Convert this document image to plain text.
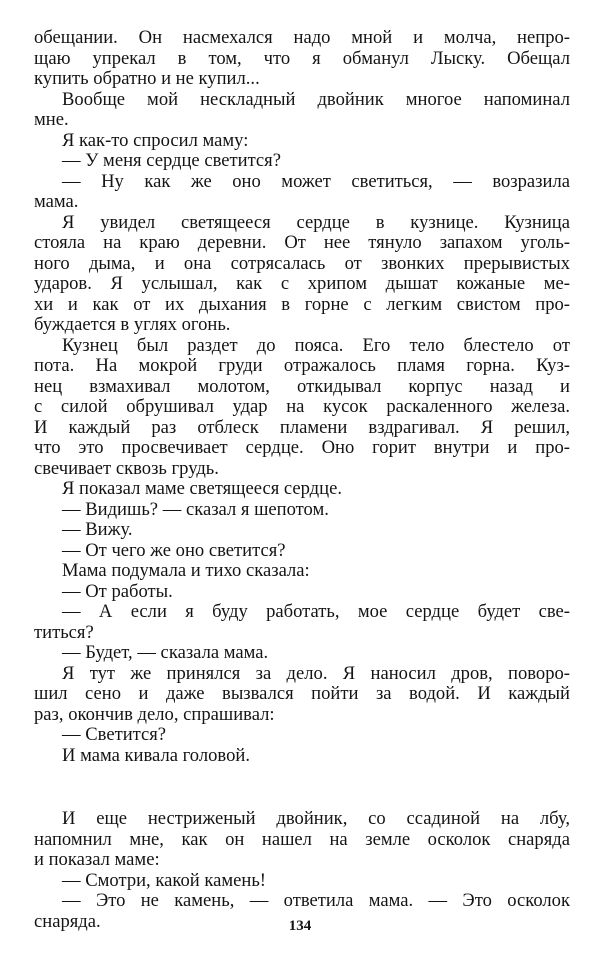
обещании. Он насмехался надо мной и молча, непро-
щаю упрекал в том, что я обманул Лыску. Обещал
купить обратно и не купил...
Вообще мой нескладный двойник многое напоминал
мне.
Я как-то спросил маму:
— У меня сердце светится?
— Ну как же оно может светиться, — возразила
мама.
Я увидел светящееся сердце в кузнице. Кузница
стояла на краю деревни. От нее тянуло запахом уголь-
ного дыма, и она сотрясалась от звонких прерывистых
ударов. Я услышал, как с хрипом дышат кожаные ме-
хи и как от их дыхания в горне с легким свистом про-
буждается в углях огонь.
Кузнец был раздет до пояса. Его тело блестело от
пота. На мокрой груди отражалось пламя горна. Куз-
нец взмахивал молотом, откидывал корпус назад и
с силой обрушивал удар на кусок раскаленного железа.
И каждый раз отблеск пламени вздрагивал. Я решил,
что это просвечивает сердце. Оно горит внутри и про-
свечивает сквозь грудь.
Я показал маме светящееся сердце.
— Видишь? — сказал я шепотом.
— Вижу.
— От чего же оно светится?
Мама подумала и тихо сказала:
— От работы.
— А если я буду работать, мое сердце будет све-
титься?
— Будет, — сказала мама.
Я тут же принялся за дело. Я наносил дров, поворо-
шил сено и даже вызвался пойти за водой. И каждый
раз, окончив дело, спрашивал:
— Светится?
И мама кивала головой.
И еще нестриженый двойник, со ссадиной на лбу,
напомнил мне, как он нашел на земле осколок снаряда
и показал маме:
— Смотри, какой камень!
— Это не камень, — ответила мама. — Это осколок
снаряда.	134
